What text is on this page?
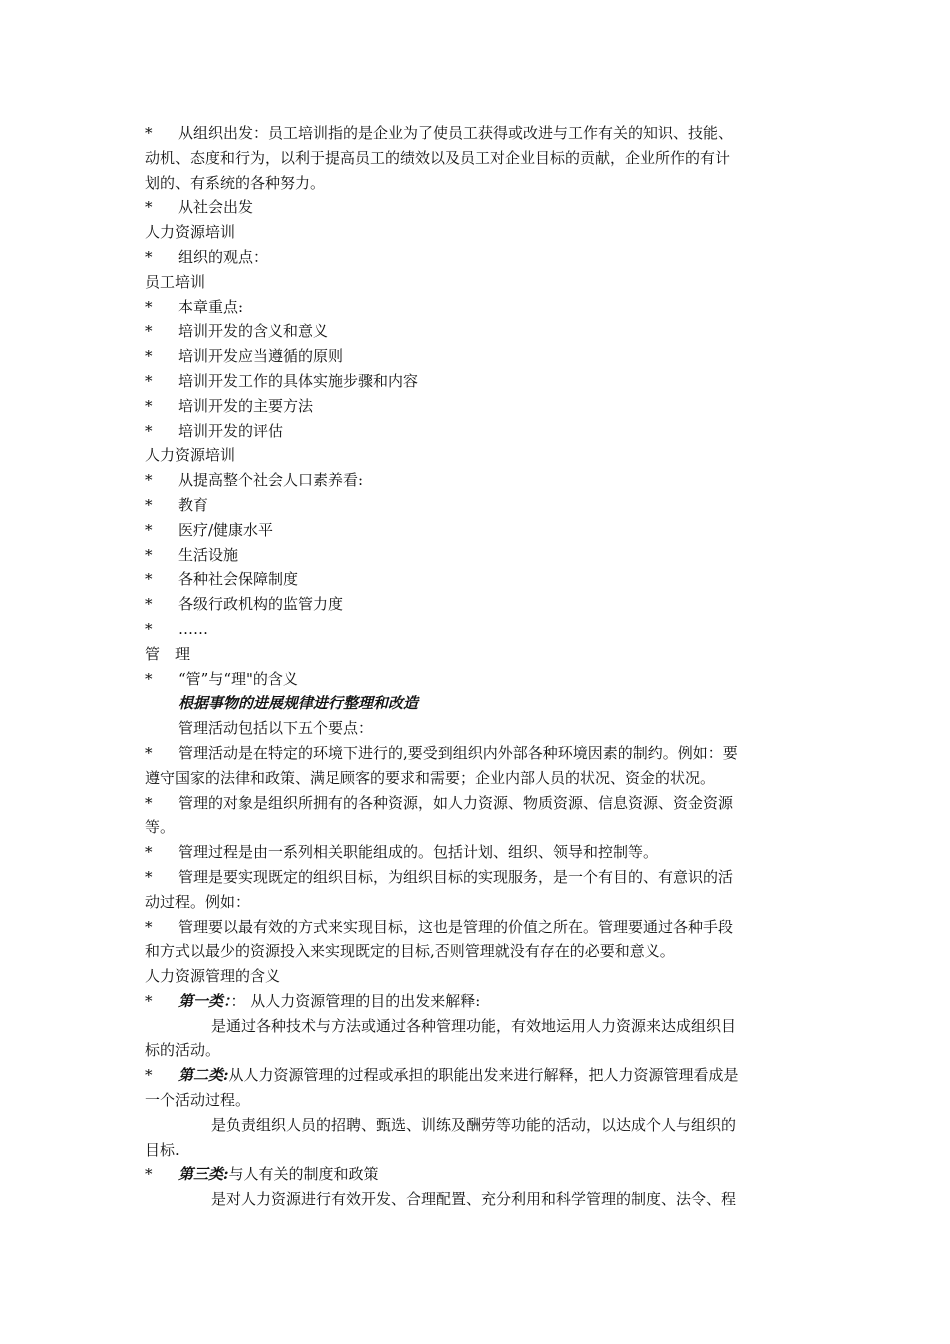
* 从组织出发：员工培训指的是企业为了使员工获得或改进与工作有关的知识、技能、
动机、态度和行为，以利于提高员工的绩效以及员工对企业目标的贡献，企业所作的有计
划的、有系统的各种努力。
* 从社会出发
人力资源培训
* 组织的观点：
员工培训
* 本章重点:
* 培训开发的含义和意义
* 培训开发应当遵循的原则
* 培训开发工作的具体实施步骤和内容
* 培训开发的主要方法
* 培训开发的评估
人力资源培训
* 从提高整个社会人口素养看:
* 教育
* 医疗/健康水平
* 生活设施
* 各种社会保障制度
* 各级行政机构的监管力度
* ……
管　理
* “管”与“理"的含义
根据事物的进展规律进行整理和改造
管理活动包括以下五个要点：
* 管理活动是在特定的环境下进行的,要受到组织内外部各种环境因素的制约。例如：要
遵守国家的法律和政策、满足顾客的要求和需要；企业内部人员的状况、资金的状况。
* 管理的对象是组织所拥有的各种资源，如人力资源、物质资源、信息资源、资金资源
等。
* 管理过程是由一系列相关职能组成的。包括计划、组织、领导和控制等。
* 管理是要实现既定的组织目标，为组织目标的实现服务，是一个有目的、有意识的活
动过程。例如：
* 管理要以最有效的方式来实现目标，这也是管理的价值之所在。管理要通过各种手段
和方式以最少的资源投入来实现既定的目标,否则管理就没有存在的必要和意义。
人力资源管理的含义
* 第一类：： 从人力资源管理的目的出发来解释:
是通过各种技术与方法或通过各种管理功能，有效地运用人力资源来达成组织目
标的活动。
* 第二类:从人力资源管理的过程或承担的职能出发来进行解释，把人力资源管理看成是
一个活动过程。
是负责组织人员的招聘、甄选、训练及酬劳等功能的活动，以达成个人与组织的
目标.
* 第三类:与人有关的制度和政策
是对人力资源进行有效开发、合理配置、充分利用和科学管理的制度、法令、程
